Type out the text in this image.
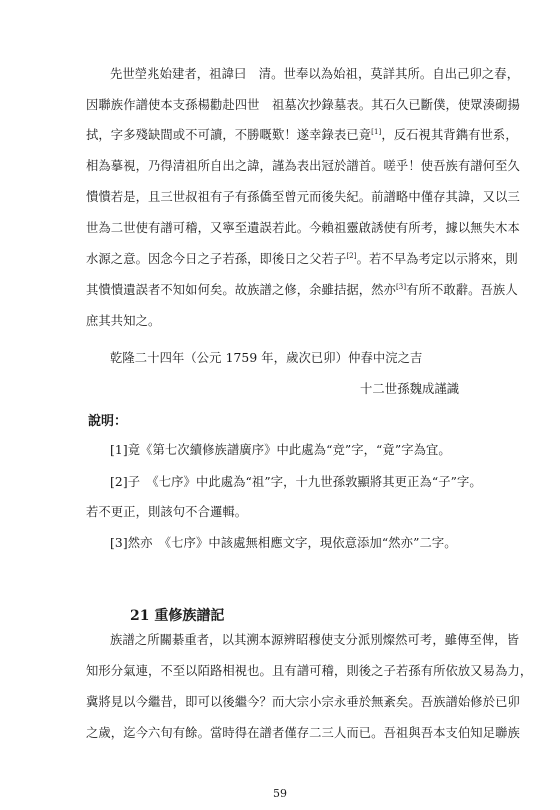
先世塋兆始建者，祖諱曰　清。世奉以為始祖，莫詳其所。自出己卯之春，
因聯族作譜使本支孫楊勸赴四世　祖墓次抄錄墓表。其石久已斷僕，使眾湊砌揚
拭，字多殘缺間或不可讀，不勝嘅歎！遂幸錄表已竟[1]，反石視其背鐫有世系，
相為摹視，乃得清祖所自出之諱，謹為表出冠於譜首。嗟乎！使吾族有譜何至久
憒憒若是，且三世叔祖有子有孫僑至曾元而後失紀。前譜略中僅存其諱，又以三
世為二世使有譜可稽，又寧至遺誤若此。今賴祖靈啟誘使有所考，據以無失木本
水源之意。因念今日之子若孫，即後日之父若子[2]。若不早為考定以示將來，則
其憒憒遺誤者不知如何矣。故族譜之修，余雖拮据，然亦[3]有所不敢辭。吾族人
庶其共知之。
乾隆二十四年（公元 1759 年，歲次已卯）仲春中浣之吉
十二世孫魏成謹識
說明：
[1]竟《第七次續修族譜廣序》中此處為“竞”字，“竟”字為宜。
[2]子　《七序》中此處為“祖”字，十九世孫敦顯將其更正為“子”字。
若不更正，則該句不合邏輯。
[3]然亦　《七序》中該處無相應文字，現依意添加“然亦”二字。
21 重修族譜記
族譜之所關綦重者，以其溯本源辨昭穆使支分派別燦然可考，雖傳至俾，皆
知形分氣連，不至以陌路相視也。且有譜可稽，則後之子若孫有所依放又易為力，
冀將見以今繼昔，即可以後繼今？而大宗小宗永垂於無紊矣。吾族譜始修於已卯
之歲，迄今六旬有餘。當時得在譜者僅存二三人而已。吾祖與吾本支伯知足聯族
59
